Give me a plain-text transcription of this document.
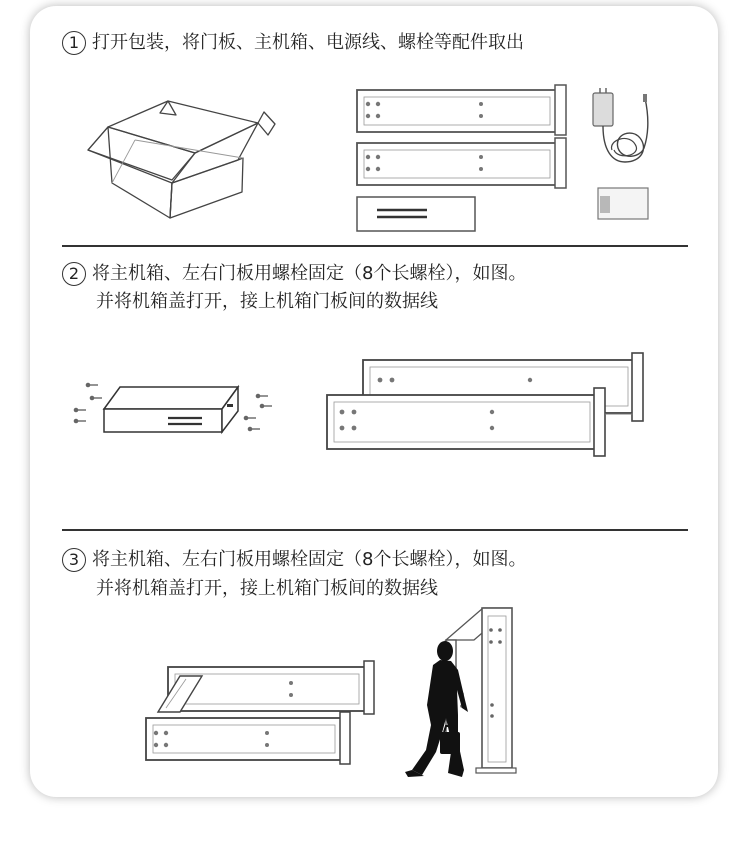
1 打开包装，将门板、主机箱、电源线、螺栓等配件取出
2 将主机箱、左右门板用螺栓固定（8个长螺栓），如图。
并将机箱盖打开，接上机箱门板间的数据线
3 将主机箱、左右门板用螺栓固定（8个长螺栓），如图。
并将机箱盖打开，接上机箱门板间的数据线
